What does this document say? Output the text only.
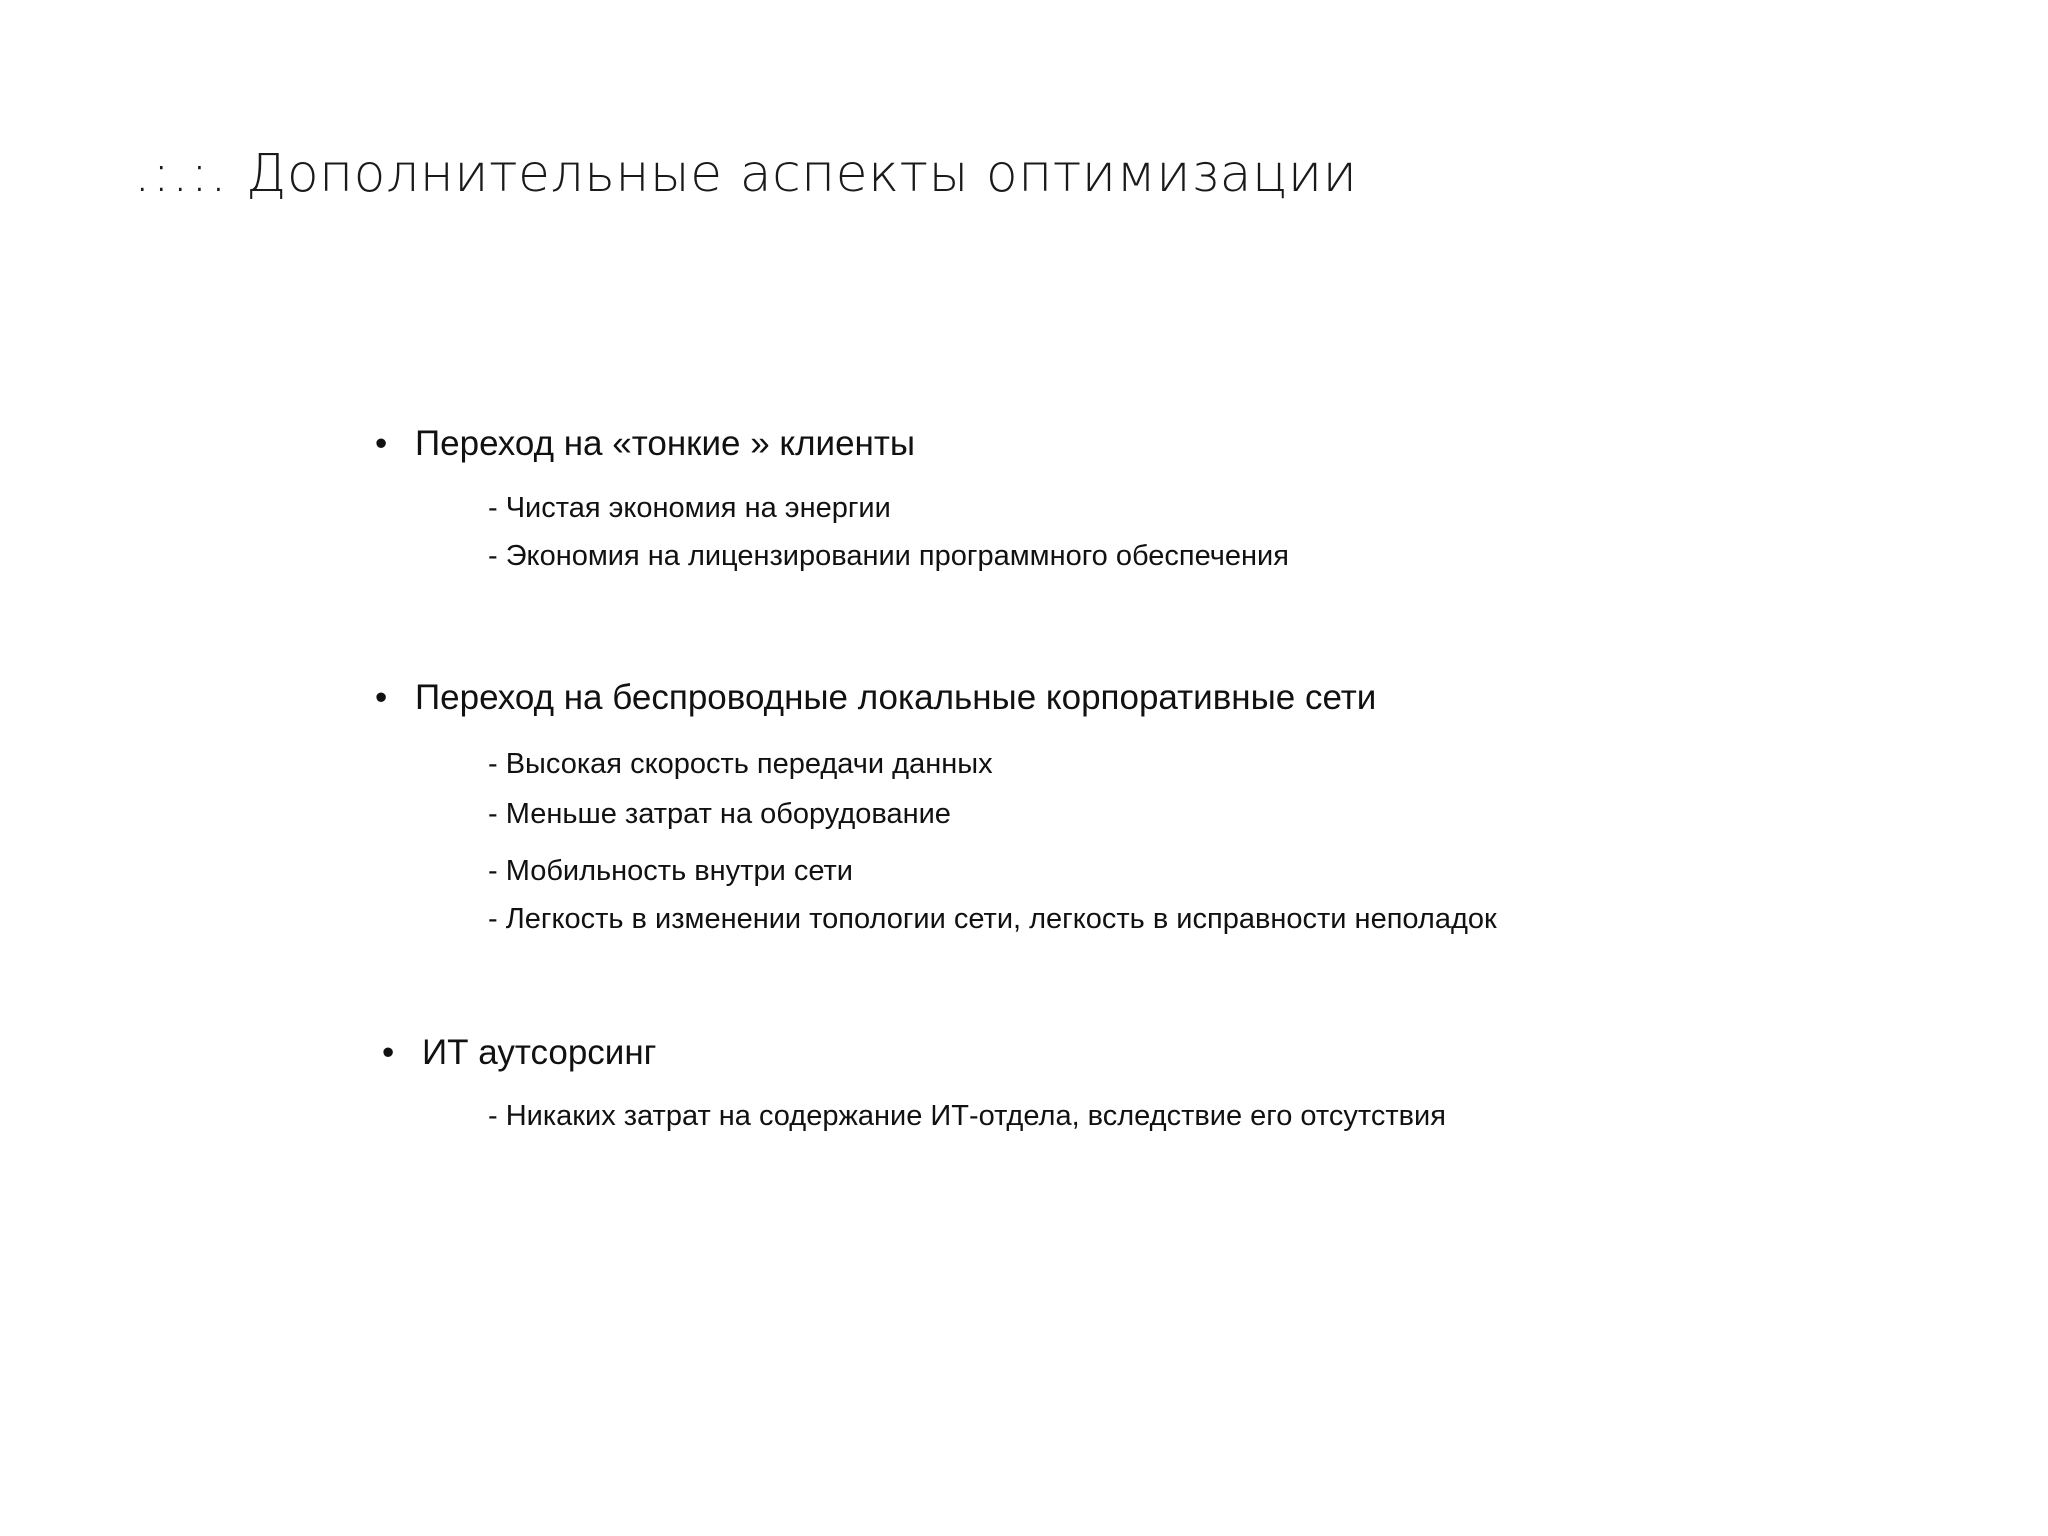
.:.:. Дополнительные аспекты оптимизации
• Переход на «тонкие » клиенты
- Чистая экономия на энергии
- Экономия на лицензировании программного обеспечения
• Переход на беспроводные локальные корпоративные сети
- Высокая скорость передачи данных
- Меньше затрат на оборудование
- Мобильность внутри сети
- Легкость в изменении топологии сети, легкость в исправности неполадок
• ИТ аутсорсинг
- Никаких затрат на содержание ИТ-отдела, вследствие его отсутствия
